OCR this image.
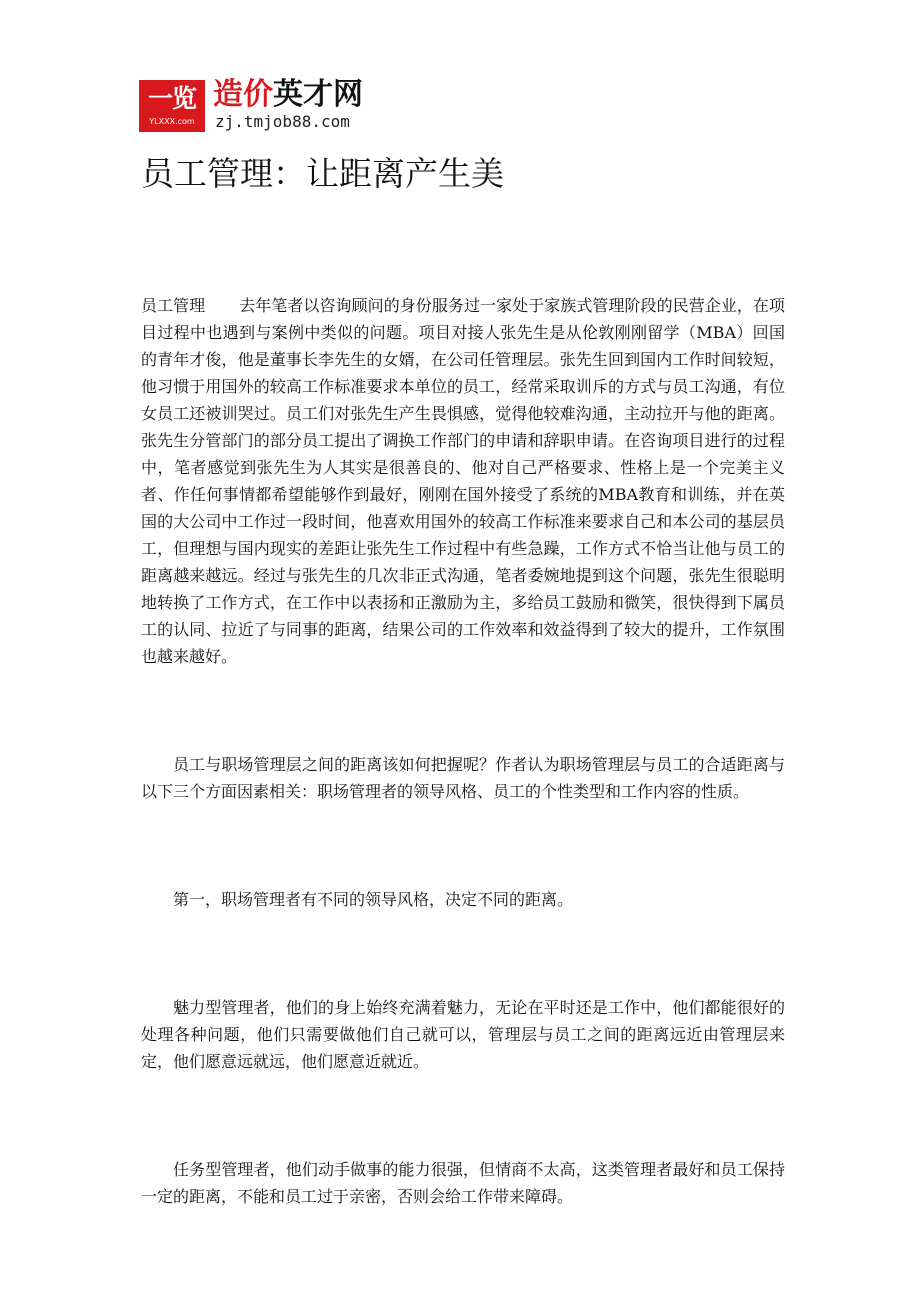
一览
YLXXX.com
造价英才网
zj.tmjob88.com
员工管理：让距离产生美

员工管理 去年笔者以咨询顾问的身份服务过一家处于家族式管理阶段的民营企业，在项目过程中也遇到与案例中类似的问题。项目对接人张先生是从伦敦刚刚留学（MBA）回国的青年才俊，他是董事长李先生的女婿，在公司任管理层。张先生回到国内工作时间较短，他习惯于用国外的较高工作标准要求本单位的员工，经常采取训斥的方式与员工沟通，有位女员工还被训哭过。员工们对张先生产生畏惧感，觉得他较难沟通，主动拉开与他的距离。张先生分管部门的部分员工提出了调换工作部门的申请和辞职申请。在咨询项目进行的过程中，笔者感觉到张先生为人其实是很善良的、他对自己严格要求、性格上是一个完美主义者、作任何事情都希望能够作到最好，刚刚在国外接受了系统的MBA教育和训练，并在英国的大公司中工作过一段时间，他喜欢用国外的较高工作标准来要求自己和本公司的基层员工，但理想与国内现实的差距让张先生工作过程中有些急躁，工作方式不恰当让他与员工的距离越来越远。经过与张先生的几次非正式沟通，笔者委婉地提到这个问题，张先生很聪明地转换了工作方式，在工作中以表扬和正激励为主，多给员工鼓励和微笑，很快得到下属员工的认同、拉近了与同事的距离，结果公司的工作效率和效益得到了较大的提升，工作氛围也越来越好。

员工与职场管理层之间的距离该如何把握呢？作者认为职场管理层与员工的合适距离与以下三个方面因素相关：职场管理者的领导风格、员工的个性类型和工作内容的性质。

第一，职场管理者有不同的领导风格，决定不同的距离。

魅力型管理者，他们的身上始终充满着魅力，无论在平时还是工作中，他们都能很好的处理各种问题，他们只需要做他们自己就可以，管理层与员工之间的距离远近由管理层来定，他们愿意远就远，他们愿意近就近。

任务型管理者，他们动手做事的能力很强，但情商不太高，这类管理者最好和员工保持一定的距离，不能和员工过于亲密，否则会给工作带来障碍。
